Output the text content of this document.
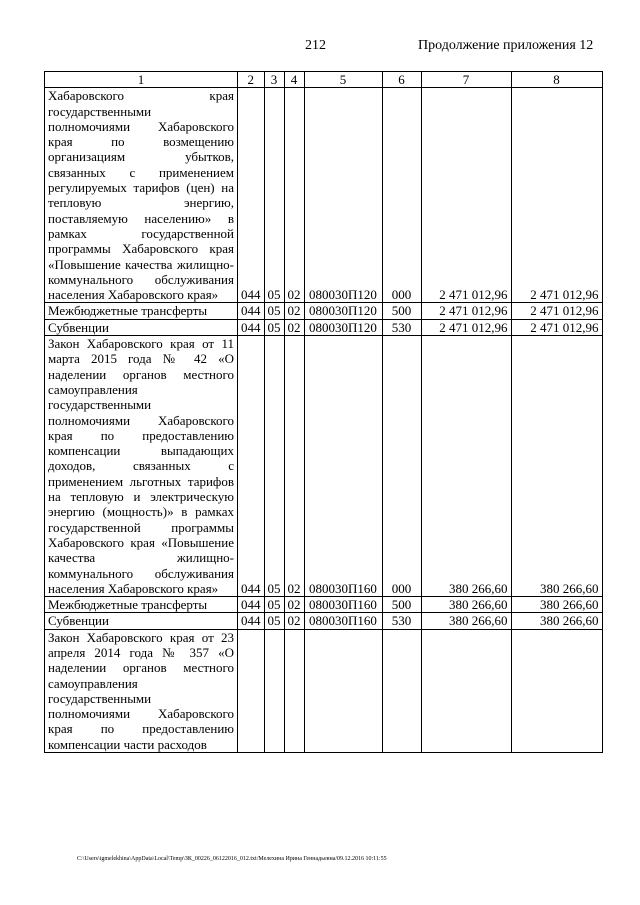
212	Продолжение приложения 12
1	2	3	4	5	6	7	8
Хабаровского края государственными полномочиями Хабаровского края по возмещению организациям убытков, связанных с применением регулируемых тарифов (цен) на тепловую энергию, поставляемую населению» в рамках государственной программы Хабаровского края «Повышение качества жилищно-коммунального обслуживания населения Хабаровского края»	044	05	02	080030П120	000	2 471 012,96	2 471 012,96
Межбюджетные трансферты	044	05	02	080030П120	500	2 471 012,96	2 471 012,96
Субвенции	044	05	02	080030П120	530	2 471 012,96	2 471 012,96
Закон Хабаровского края от 11 марта 2015 года № 42 «О наделении органов местного самоуправления государственными полномочиями Хабаровского края по предоставлению компенсации выпадающих доходов, связанных с применением льготных тарифов на тепловую и электрическую энергию (мощность)» в рамках государственной программы Хабаровского края «Повышение качества жилищно-коммунального обслуживания населения Хабаровского края»	044	05	02	080030П160	000	380 266,60	380 266,60
Межбюджетные трансферты	044	05	02	080030П160	500	380 266,60	380 266,60
Субвенции	044	05	02	080030П160	530	380 266,60	380 266,60
Закон Хабаровского края от 23 апреля 2014 года № 357 «О наделении органов местного самоуправления государственными полномочиями Хабаровского края по предоставлению компенсации части расходов							
C:\Users\igmelekhina\AppData\Local\Temp\ЗК_00226_06122016_012.txt/Мелехина Ирина Геннадьевна/09.12.2016 10:11:55
